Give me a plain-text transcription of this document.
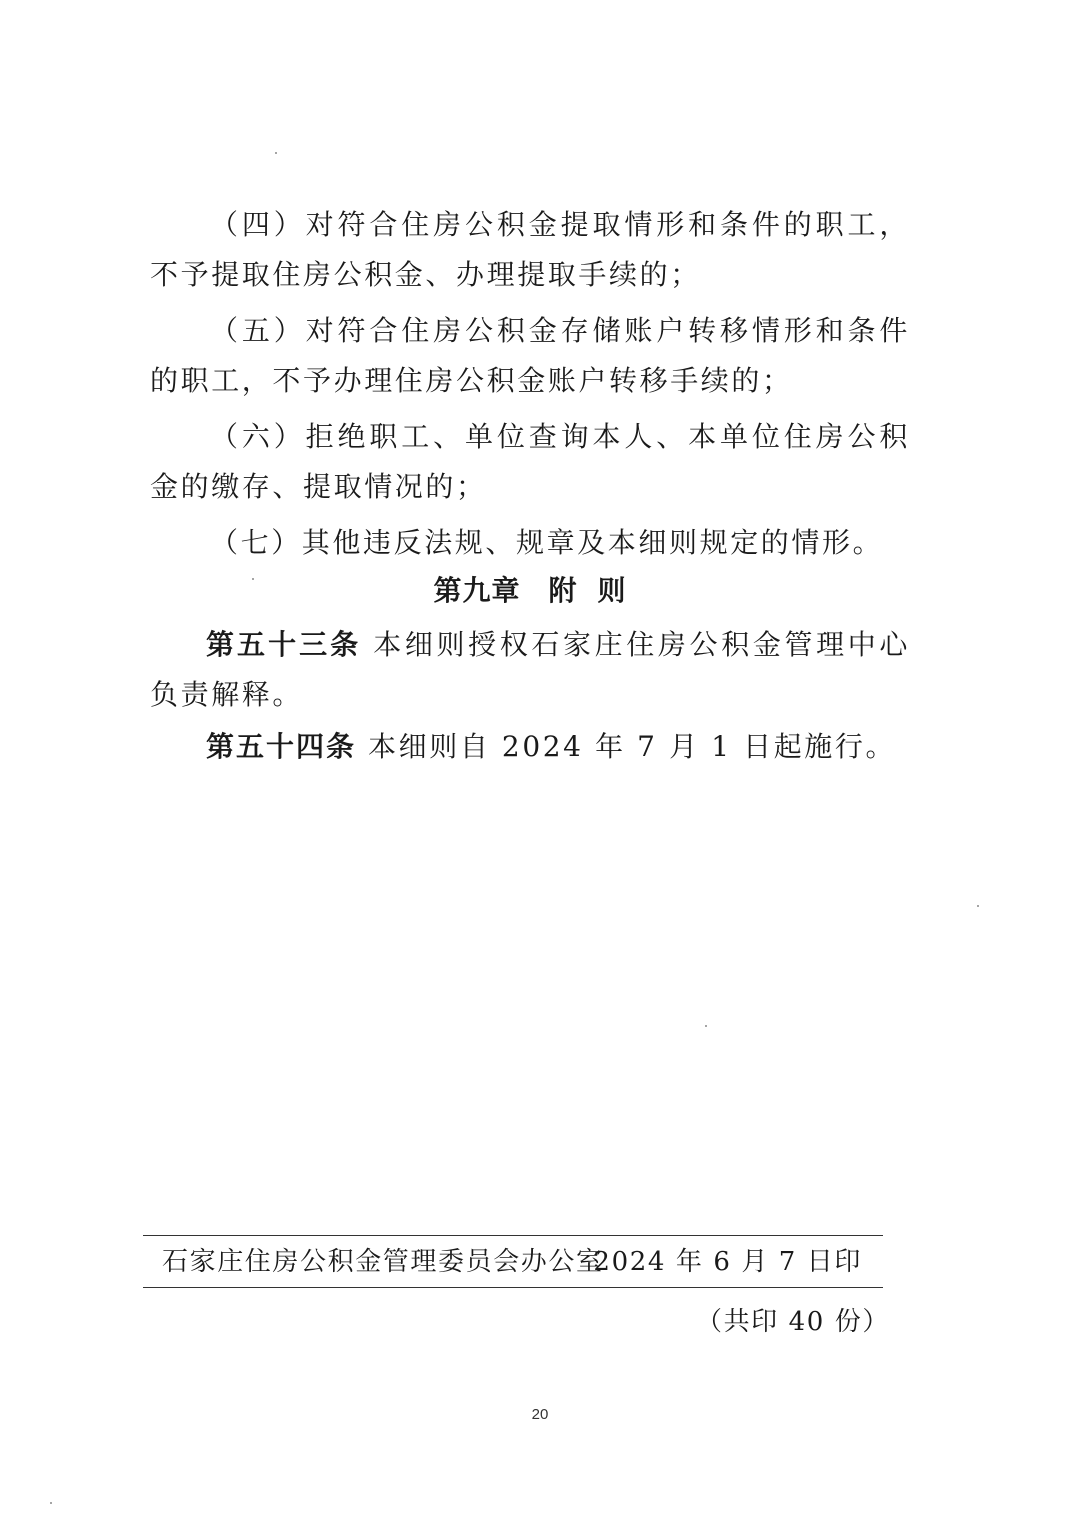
（四）对符合住房公积金提取情形和条件的职工，不予提取住房公积金、办理提取手续的；

（五）对符合住房公积金存储账户转移情形和条件的职工，不予办理住房公积金账户转移手续的；

（六）拒绝职工、单位查询本人、本单位住房公积金的缴存、提取情况的；

（七）其他违反法规、规章及本细则规定的情形。

第九章 附 则

第五十三条 本细则授权石家庄住房公积金管理中心负责解释。

第五十四条 本细则自 2024 年 7 月 1 日起施行。

石家庄住房公积金管理委员会办公室
2024 年 6 月 7 日印
（共印 40 份）
20
